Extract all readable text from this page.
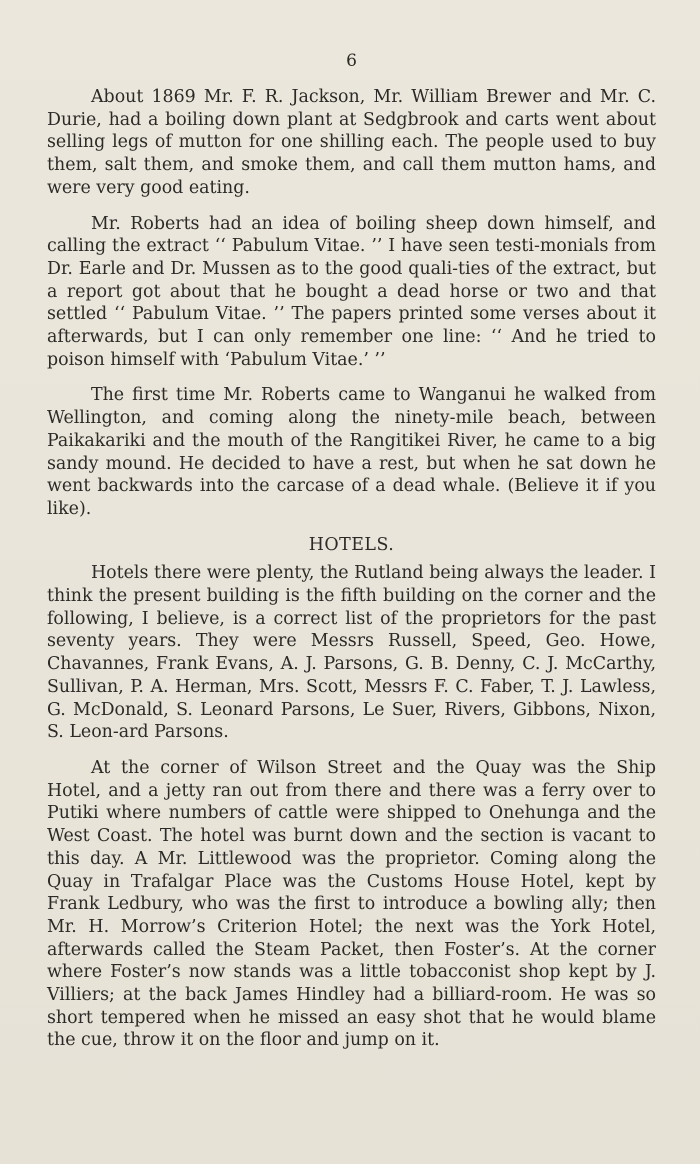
6

About 1869 Mr. F. R. Jackson, Mr. William Brewer and Mr. C. Durie, had a boiling down plant at Sedgbrook and carts went about selling legs of mutton for one shilling each. The people used to buy them, salt them, and smoke them, and call them mutton hams, and were very good eating.

Mr. Roberts had an idea of boiling sheep down himself, and calling the extract ‘‘ Pabulum Vitae. ’’ I have seen testi-monials from Dr. Earle and Dr. Mussen as to the good quali-ties of the extract, but a report got about that he bought a dead horse or two and that settled ‘‘ Pabulum Vitae. ’’ The papers printed some verses about it afterwards, but I can only remember one line: ‘‘ And he tried to poison himself with ‘Pabulum Vitae.’ ’’

The first time Mr. Roberts came to Wanganui he walked from Wellington, and coming along the ninety-mile beach, between Paikakariki and the mouth of the Rangitikei River, he came to a big sandy mound. He decided to have a rest, but when he sat down he went backwards into the carcase of a dead whale. (Believe it if you like).

HOTELS.

Hotels there were plenty, the Rutland being always the leader. I think the present building is the fifth building on the corner and the following, I believe, is a correct list of the proprietors for the past seventy years. They were Messrs Russell, Speed, Geo. Howe, Chavannes, Frank Evans, A. J. Parsons, G. B. Denny, C. J. McCarthy, Sullivan, P. A. Herman, Mrs. Scott, Messrs F. C. Faber, T. J. Lawless, G. McDonald, S. Leonard Parsons, Le Suer, Rivers, Gibbons, Nixon, S. Leon-ard Parsons.

At the corner of Wilson Street and the Quay was the Ship Hotel, and a jetty ran out from there and there was a ferry over to Putiki where numbers of cattle were shipped to Onehunga and the West Coast. The hotel was burnt down and the section is vacant to this day. A Mr. Littlewood was the proprietor. Coming along the Quay in Trafalgar Place was the Customs House Hotel, kept by Frank Ledbury, who was the first to introduce a bowling ally; then Mr. H. Morrow’s Criterion Hotel; the next was the York Hotel, afterwards called the Steam Packet, then Foster’s. At the corner where Foster’s now stands was a little tobacconist shop kept by J. Villiers; at the back James Hindley had a billiard-room. He was so short tempered when he missed an easy shot that he would blame the cue, throw it on the floor and jump on it.
